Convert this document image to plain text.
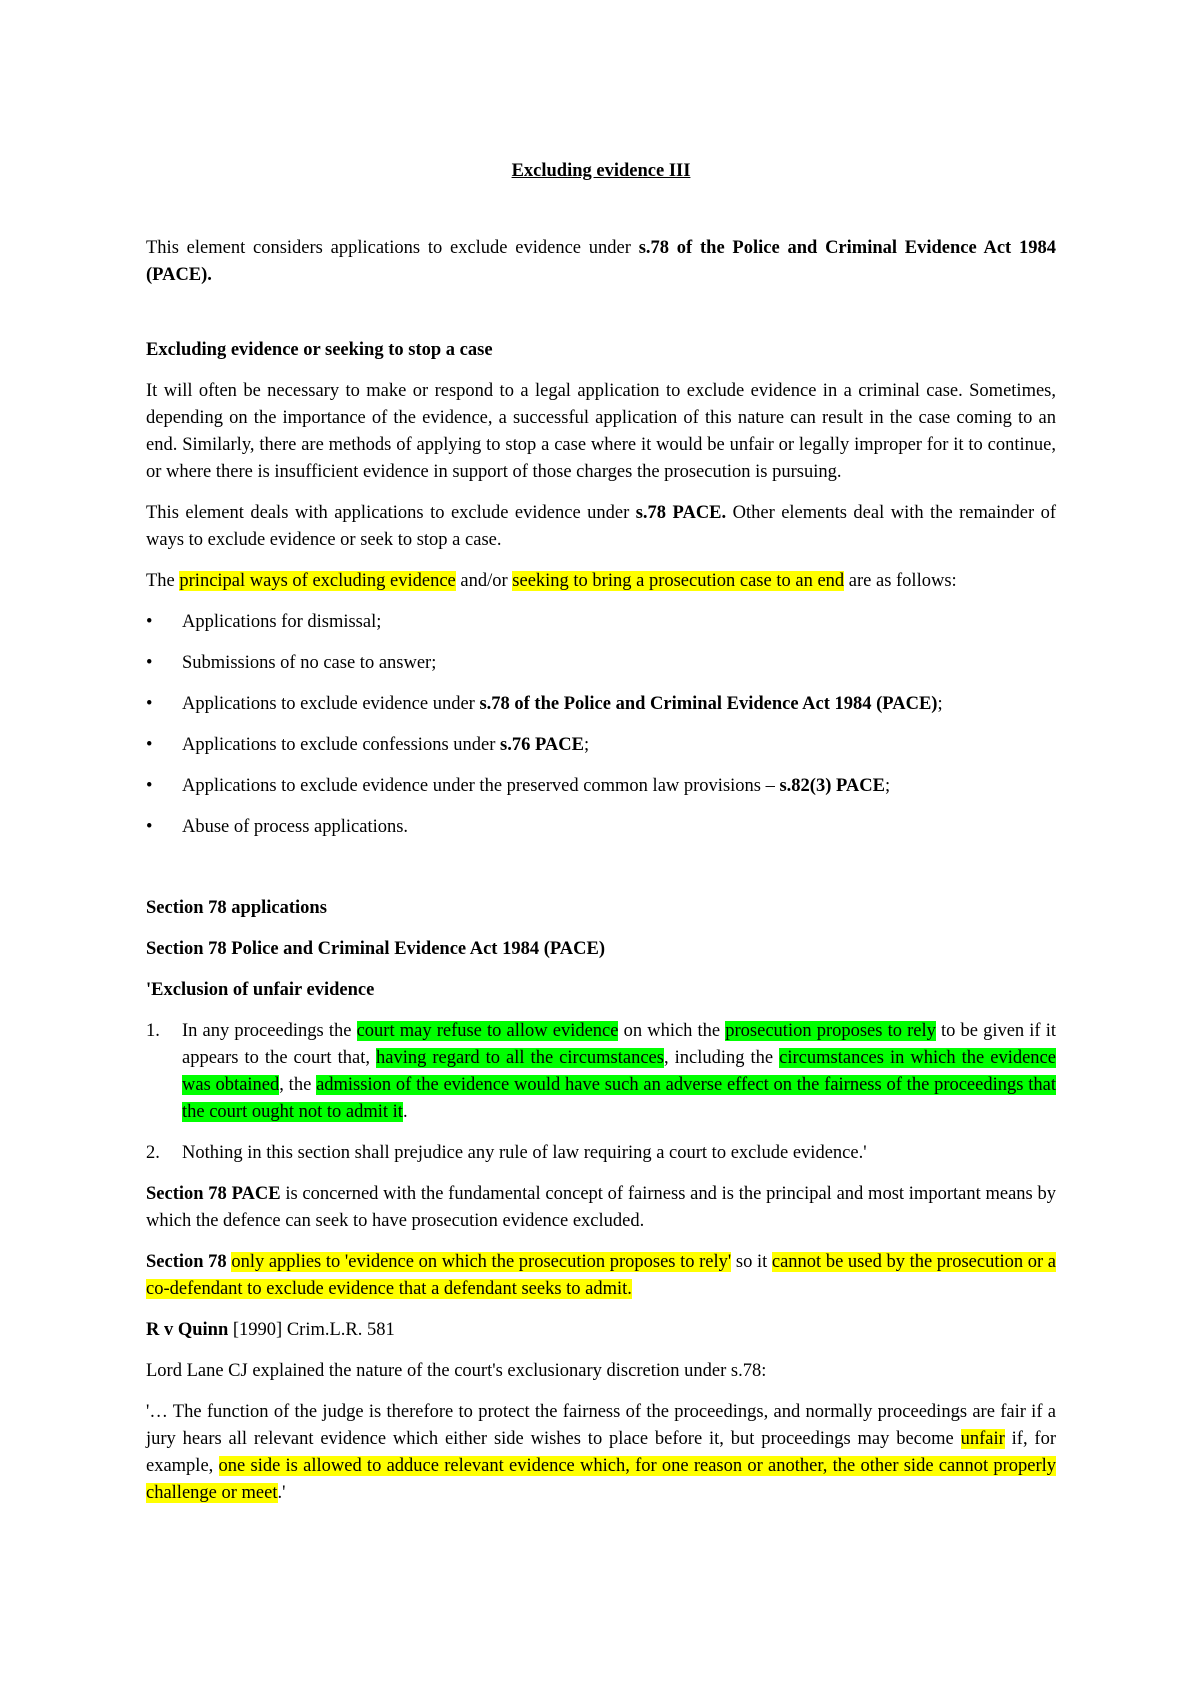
Excluding evidence III

This element considers applications to exclude evidence under s.78 of the Police and Criminal Evidence Act 1984 (PACE).

Excluding evidence or seeking to stop a case

It will often be necessary to make or respond to a legal application to exclude evidence in a criminal case. Sometimes, depending on the importance of the evidence, a successful application of this nature can result in the case coming to an end. Similarly, there are methods of applying to stop a case where it would be unfair or legally improper for it to continue, or where there is insufficient evidence in support of those charges the prosecution is pursuing.

This element deals with applications to exclude evidence under s.78 PACE. Other elements deal with the remainder of ways to exclude evidence or seek to stop a case.

The principal ways of excluding evidence and/or seeking to bring a prosecution case to an end are as follows:

• Applications for dismissal;
• Submissions of no case to answer;
• Applications to exclude evidence under s.78 of the Police and Criminal Evidence Act 1984 (PACE);
• Applications to exclude confessions under s.76 PACE;
• Applications to exclude evidence under the preserved common law provisions – s.82(3) PACE;
• Abuse of process applications.

Section 78 applications

Section 78 Police and Criminal Evidence Act 1984 (PACE)

'Exclusion of unfair evidence

1. In any proceedings the court may refuse to allow evidence on which the prosecution proposes to rely to be given if it appears to the court that, having regard to all the circumstances, including the circumstances in which the evidence was obtained, the admission of the evidence would have such an adverse effect on the fairness of the proceedings that the court ought not to admit it.
2. Nothing in this section shall prejudice any rule of law requiring a court to exclude evidence.'

Section 78 PACE is concerned with the fundamental concept of fairness and is the principal and most important means by which the defence can seek to have prosecution evidence excluded.

Section 78 only applies to 'evidence on which the prosecution proposes to rely' so it cannot be used by the prosecution or a co-defendant to exclude evidence that a defendant seeks to admit.

R v Quinn [1990] Crim.L.R. 581

Lord Lane CJ explained the nature of the court's exclusionary discretion under s.78:

'… The function of the judge is therefore to protect the fairness of the proceedings, and normally proceedings are fair if a jury hears all relevant evidence which either side wishes to place before it, but proceedings may become unfair if, for example, one side is allowed to adduce relevant evidence which, for one reason or another, the other side cannot properly challenge or meet.'
